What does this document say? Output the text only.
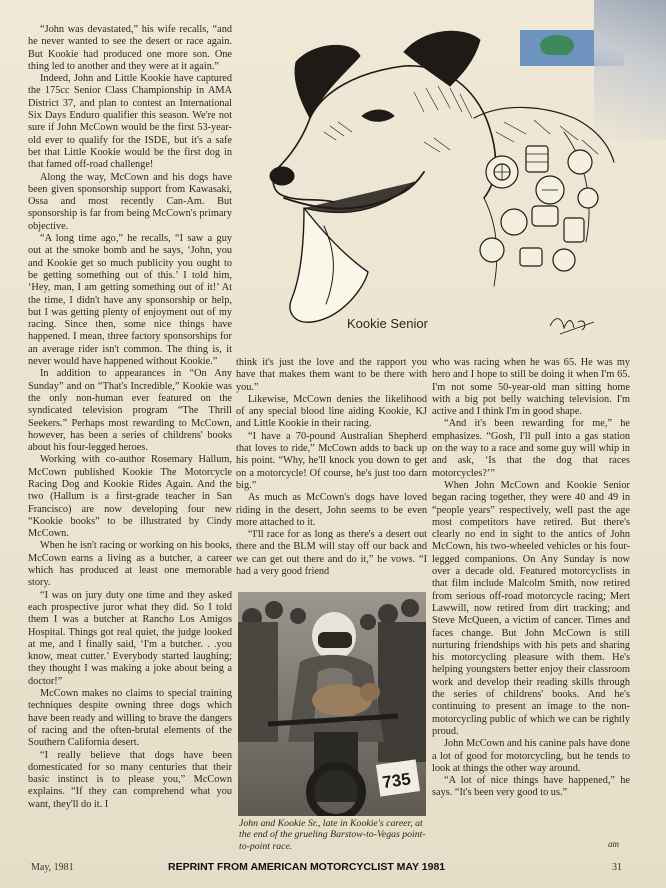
“John was devastated,” his wife recalls, “and he never wanted to see the desert or race again. But Kookie had produced one more son. One thing led to another and they were at it again.”

Indeed, John and Little Kookie have captured the 175cc Senior Class Championship in AMA District 37, and plan to contest an International Six Days Enduro qualifier this season. We're not sure if John McCown would be the first 53-year-old ever to qualify for the ISDE, but it's a safe bet that Little Kookie would be the first dog in that famed off-road challenge!

Along the way, McCown and his dogs have been given sponsorship support from Kawasaki, Ossa and most recently Can-Am. But sponsorship is far from being McCown's primary objective.

“A long time ago,” he recalls, “I saw a guy out at the smoke bomb and he says, ‘John, you and Kookie get so much publicity you ought to be getting something out of this.’ I told him, ‘Hey, man, I am getting something out of it!’ At the time, I didn't have any sponsorship or help, but I was getting plenty of enjoyment out of my racing. Since then, some nice things have happened. I mean, three factory sponsorships for an average rider isn't common. The thing is, it never would have happened without Kookie.”

In addition to appearances in “On Any Sunday” and on “That's Incredible,” Kookie was the only non-human ever featured on the syndicated television program “The Thrill Seekers.” Perhaps most rewarding to McCown, however, has been a series of childrens' books about his four-legged heroes.

Working with co-author Rosemary Hallum, McCown published Kookie The Motorcycle Racing Dog and Kookie Rides Again. And the two (Hallum is a first-grade teacher in San Francisco) are now developing four new “Kookie books” to be illustrated by Cindy McCown.

When he isn't racing or working on his books, McCown earns a living as a butcher, a career which has produced at least one memorable story.

“I was on jury duty one time and they asked each prospective juror what they did. So I told them I was a butcher at Rancho Los Amigos Hospital. Things got real quiet, the judge looked at me, and I finally said, ‘I'm a butcher. . .you know, meat cutter.’ Everybody started laughing; they thought I was making a joke about being a doctor!”

McCown makes no claims to special training techniques despite owning three dogs which have been ready and willing to brave the dangers of racing and the often-brutal elements of the Southern California desert.

“I really believe that dogs have been domesticated for so many centuries that their basic instinct is to please you,” McCown explains. “If they can comprehend what you want, they'll do it. I

Kookie Senior

think it's just the love and the rapport you have that makes them want to be there with you.”

Likewise, McCown denies the likelihood of any special blood line aiding Kookie, KJ and Little Kookie in their racing.

“I have a 70-pound Australian Shepherd that loves to ride,” McCown adds to back up his point. “Why, he'll knock you down to get on a motorcycle! Of course, he's just too darn big.”

As much as McCown's dogs have loved riding in the desert, John seems to be even more attached to it.

“I'll race for as long as there's a desert out there and the BLM will stay off our back and we can get out there and do it,” he vows. “I had a very good friend

735
John and Kookie Sr., late in Kookie's career, at the end of the grueling Barstow-to-Vegas point-to-point race.

who was racing when he was 65. He was my hero and I hope to still be doing it when I'm 65. I'm not some 50-year-old man sitting home with a big pot belly watching television. I'm active and I think I'm in good shape.

“And it's been rewarding for me,” he emphasizes. “Gosh, I'll pull into a gas station on the way to a race and some guy will whip in and ask, ‘Is that the dog that races motorcycles?’”

When John McCown and Kookie Senior began racing together, they were 40 and 49 in “people years” respectively, well past the age most competitors have retired. But there's clearly no end in sight to the antics of John McCown, his two-wheeled vehicles or his four-legged companions. On Any Sunday is now over a decade old. Featured motorcyclists in that film include Malcolm Smith, now retired from serious off-road motorcycle racing; Mert Lawwill, now retired from dirt tracking; and Steve McQueen, a victim of cancer. Times and faces change. But John McCown is still nurturing friendships with his pets and sharing his motorcycling pleasure with them. He's helping youngsters better enjoy their classroom work and develop their reading skills through the series of childrens' books. And he's continuing to present an image to the non-motorcycling public of which we can be rightly proud.

John McCown and his canine pals have done a lot of good for motorcycling, but he tends to look at things the other way around.

“A lot of nice things have happened,” he says. “It's been very good to us.”

am
May, 1981	REPRINT FROM AMERICAN MOTORCYCLIST MAY 1981	31
